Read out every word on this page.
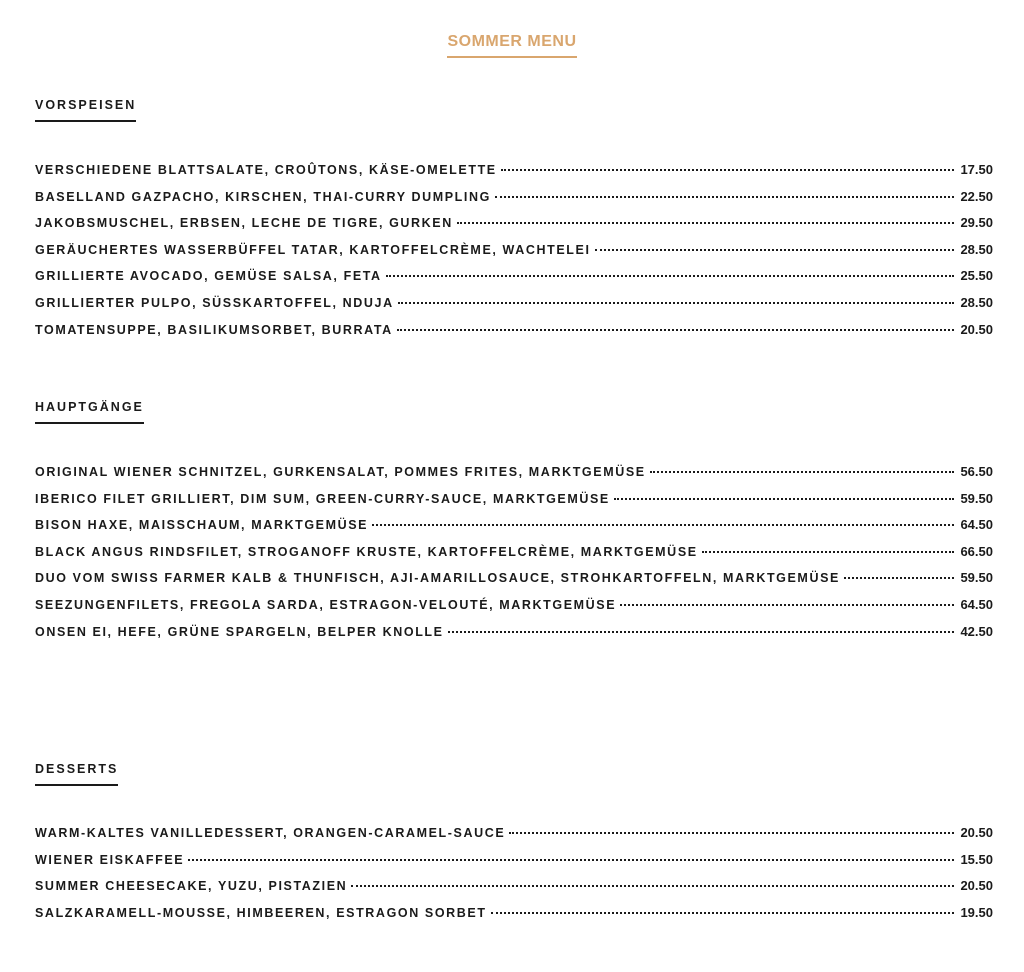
SOMMER MENU
VORSPEISEN
VERSCHIEDENE BLATTSALATE, CROÛTONS, KÄSE-OMELETTE	17.50
BASELLAND GAZPACHO, KIRSCHEN, THAI-CURRY DUMPLING	22.50
JAKOBSMUSCHEL, ERBSEN, LECHE DE TIGRE, GURKEN	29.50
GERÄUCHERTES WASSERBÜFFEL TATAR, KARTOFFELCRÈME, WACHTELEI	28.50
GRILLIERTE AVOCADO, GEMÜSE SALSA, FETA	25.50
GRILLIERTER PULPO, SÜSSKARTOFFEL, NDUJA	28.50
TOMATENSUPPE, BASILIKUMSORBET, BURRATA	20.50
HAUPTGÄNGE
ORIGINAL WIENER SCHNITZEL, GURKENSALAT, POMMES FRITES, MARKTGEMÜSE	56.50
IBERICO FILET GRILLIERT, DIM SUM, GREEN-CURRY-SAUCE, MARKTGEMÜSE	59.50
BISON HAXE, MAISSCHAUM, MARKTGEMÜSE	64.50
BLACK ANGUS RINDSFILET, STROGANOFF KRUSTE, KARTOFFELCRÈME, MARKTGEMÜSE	66.50
DUO VOM SWISS FARMER KALB & THUNFISCH, AJI-AMARILLOSAUCE, STROHKARTOFFELN, MARKTGEMÜSE	59.50
SEEZUNGENFILETS, FREGOLA SARDA, ESTRAGON-VELOUTÉ, MARKTGEMÜSE	64.50
ONSEN EI, HEFE, GRÜNE SPARGELN, BELPER KNOLLE	42.50
DESSERTS
WARM-KALTES VANILLEDESSERT, ORANGEN-CARAMEL-SAUCE	20.50
WIENER EISKAFFEE	15.50
SUMMER CHEESECAKE, YUZU, PISTAZIEN	20.50
SALZKARAMELL-MOUSSE, HIMBEEREN, ESTRAGON SORBET	19.50
